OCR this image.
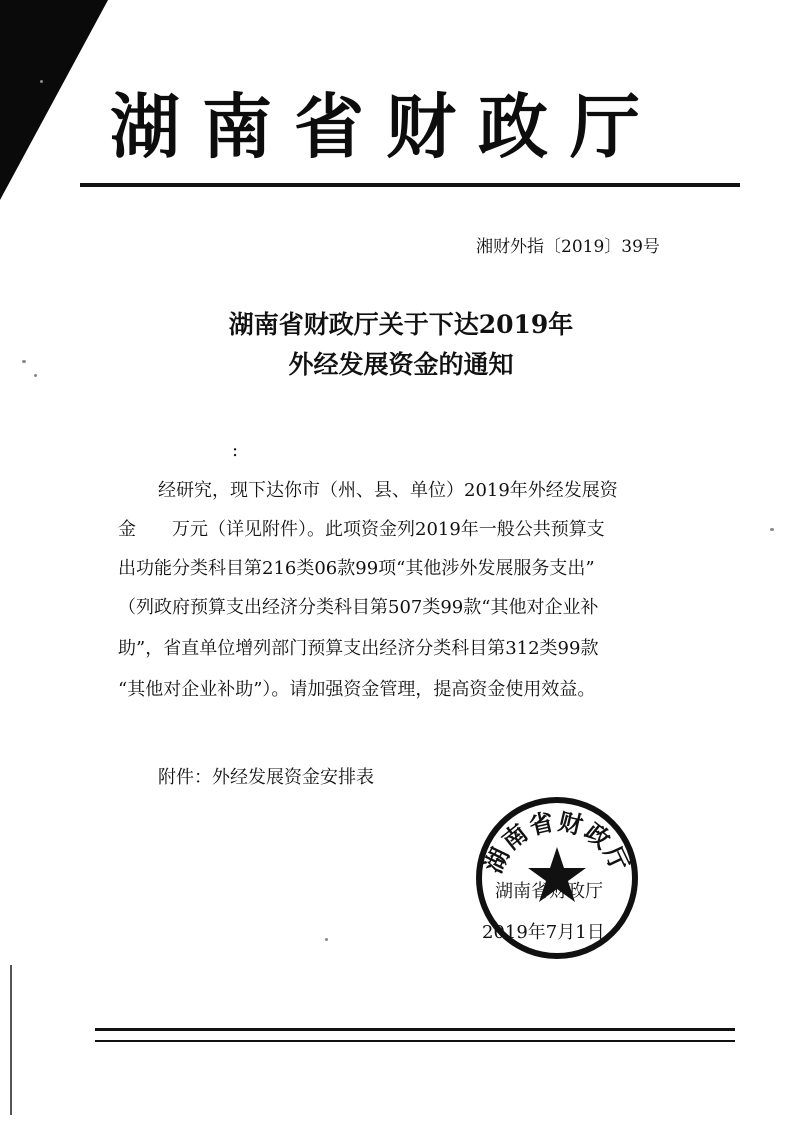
湖南省财政厅
湘财外指〔2019〕39号
湖南省财政厅关于下达2019年
外经发展资金的通知
:
经研究，现下达你市（州、县、单位）2019年外经发展资
金　　万元（详见附件）。此项资金列2019年一般公共预算支
出功能分类科目第216类06款99项“其他涉外发展服务支出”
（列政府预算支出经济分类科目第507类99款“其他对企业补
助”，省直单位增列部门预算支出经济分类科目第312类99款
“其他对企业补助”）。请加强资金管理，提高资金使用效益。
附件：外经发展资金安排表
湖南省财政厅
湖南省财政厅
2019年7月1日
